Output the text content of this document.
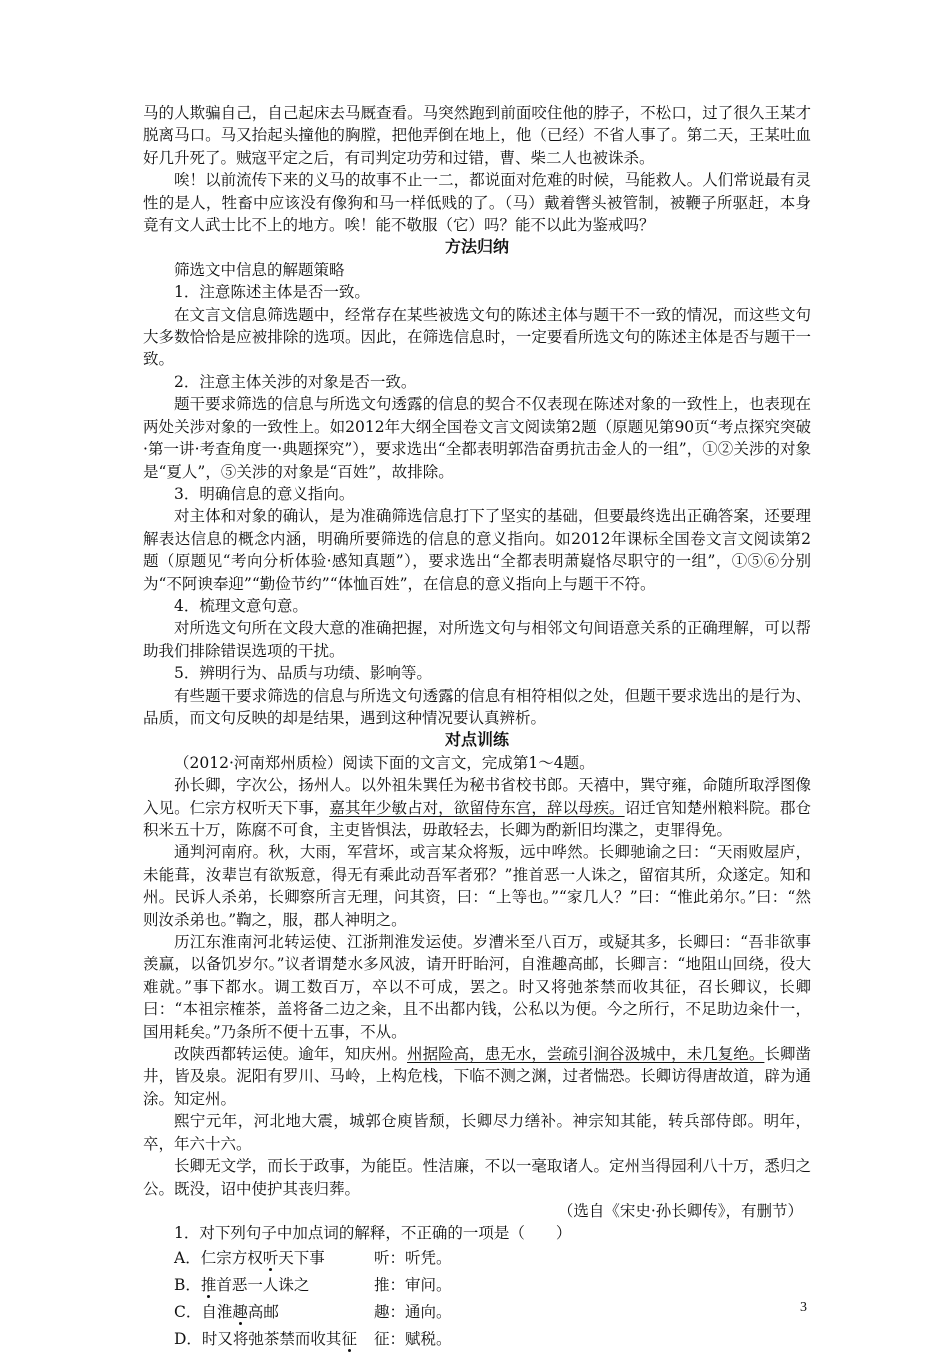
马的人欺骗自己，自己起床去马厩查看。马突然跑到前面咬住他的脖子，不松口，过了很久王某才脱离马口。马又抬起头撞他的胸膛，把他弄倒在地上，他（已经）不省人事了。第二天，王某吐血好几升死了。贼寇平定之后，有司判定功劳和过错，曹、柴二人也被诛杀。

唉！以前流传下来的义马的故事不止一二，都说面对危难的时候，马能救人。人们常说最有灵性的是人，牲畜中应该没有像狗和马一样低贱的了。（马）戴着辔头被管制，被鞭子所驱赶，本身竟有文人武士比不上的地方。唉！能不敬服（它）吗？能不以此为鉴戒吗？

方法归纳

筛选文中信息的解题策略

1．注意陈述主体是否一致。

在文言文信息筛选题中，经常存在某些被选文句的陈述主体与题干不一致的情况，而这些文句大多数恰恰是应被排除的选项。因此，在筛选信息时，一定要看所选文句的陈述主体是否与题干一致。

2．注意主体关涉的对象是否一致。

题干要求筛选的信息与所选文句透露的信息的契合不仅表现在陈述对象的一致性上，也表现在两处关涉对象的一致性上。如2012年大纲全国卷文言文阅读第2题（原题见第90页“考点探究突破·第一讲·考查角度一·典题探究”），要求选出“全都表明郭浩奋勇抗击金人的一组”，①②关涉的对象是“夏人”，⑤关涉的对象是“百姓”，故排除。

3．明确信息的意义指向。

对主体和对象的确认，是为准确筛选信息打下了坚实的基础，但要最终选出正确答案，还要理解表达信息的概念内涵，明确所要筛选的信息的意义指向。如2012年课标全国卷文言文阅读第2题（原题见“考向分析体验·感知真题”），要求选出“全都表明萧嶷恪尽职守的一组”，①⑤⑥分别为“不阿谀奉迎”“勤俭节约”“体恤百姓”，在信息的意义指向上与题干不符。

4．梳理文意句意。

对所选文句所在文段大意的准确把握，对所选文句与相邻文句间语意关系的正确理解，可以帮助我们排除错误选项的干扰。

5．辨明行为、品质与功绩、影响等。

有些题干要求筛选的信息与所选文句透露的信息有相符相似之处，但题干要求选出的是行为、品质，而文句反映的却是结果，遇到这种情况要认真辨析。

对点训练

（2012·河南郑州质检）阅读下面的文言文，完成第1～4题。

孙长卿，字次公，扬州人。以外祖朱巽任为秘书省校书郎。天禧中，巽守雍，命随所取浮图像入见。仁宗方权听天下事，嘉其年少敏占对，欲留侍东宫，辞以母疾。诏迁官知楚州粮料院。郡仓积米五十万，陈腐不可食，主吏皆惧法，毋敢轻去，长卿为酌新旧均渫之，吏罪得免。

通判河南府。秋，大雨，军营坏，或言某众将叛，远中哗然。长卿驰谕之曰：“天雨败屋庐，未能葺，汝辈岂有欲叛意，得无有乘此动吾军者邪？”推首恶一人诛之，留宿其所，众遂定。知和州。民诉人杀弟，长卿察所言无理，问其资，曰：“上等也。”“家几人？”曰：“惟此弟尔。”曰：“然则汝杀弟也。”鞫之，服，郡人神明之。

历江东淮南河北转运使、江浙荆淮发运使。岁漕米至八百万，或疑其多，长卿曰：“吾非欲事羡赢，以备饥岁尔。”议者谓楚水多风波，请开盱眙河，自淮趣高邮，长卿言：“地阻山回绕，役大难就。”事下都水。调工数百万，卒以不可成，罢之。时又将弛茶禁而收其征，召长卿议，长卿曰：“本祖宗榷茶，盖将备二边之籴，且不出都内钱，公私以为便。今之所行，不足助边籴什一，国用耗矣。”乃条所不便十五事，不从。

改陕西都转运使。逾年，知庆州。州据险高，患无水，尝疏引涧谷汲城中，未几复绝。长卿凿井，皆及泉。泥阳有罗川、马岭，上构危栈，下临不测之渊，过者惴恐。长卿访得唐故道，辟为通涂。知定州。

熙宁元年，河北地大震，城郭仓庾皆颓，长卿尽力缮补。神宗知其能，转兵部侍郎。明年，卒，年六十六。

长卿无文学，而长于政事，为能臣。性洁廉，不以一毫取诸人。定州当得园利八十万，悉归之公。既没，诏中使护其丧归葬。

（选自《宋史·孙长卿传》，有删节）

1．对下列句子中加点词的解释，不正确的一项是（　　）

A．仁宗方权听天下事	听：听凭。
B．推首恶一人诛之	推：审问。
C．自淮趣高邮	趣：通向。
D．时又将弛茶禁而收其征	征：赋税。
3
